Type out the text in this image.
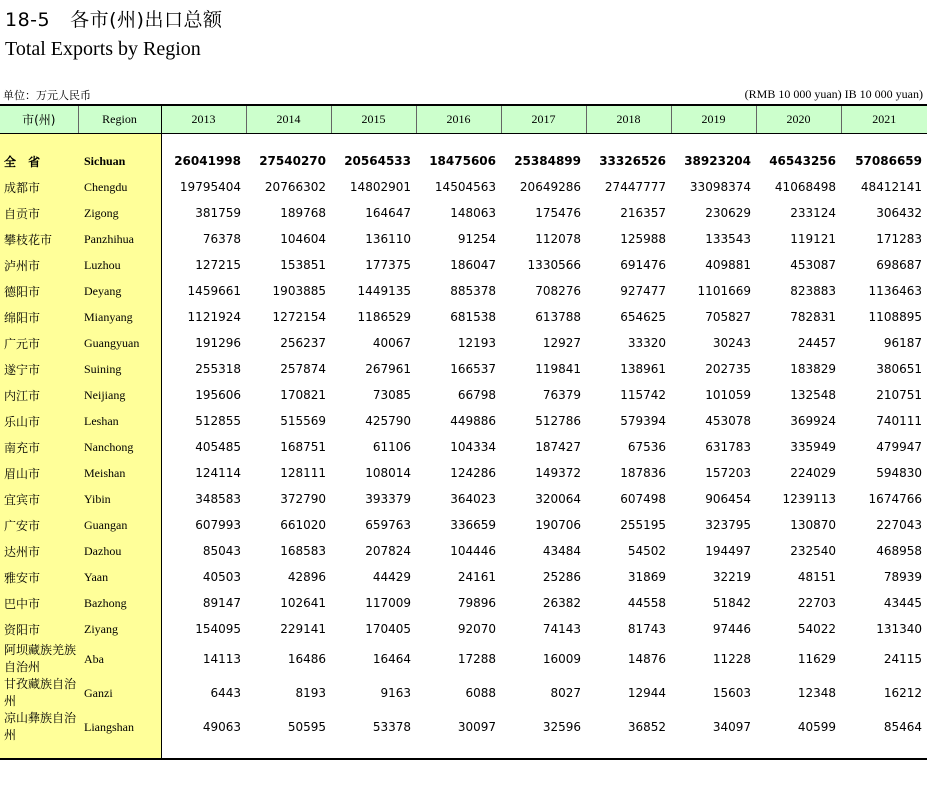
18-5 各市(州)出口总额
Total Exports by Region
单位：万元人民币	(RMB 10 000 yuan) IB 10 000 yuan)
市(州)	Region	2013	2014	2015	2016	2017	2018	2019	2020	2021

全 省	Sichuan	26041998	27540270	20564533	18475606	25384899	33326526	38923204	46543256	57086659
成都市	Chengdu	19795404	20766302	14802901	14504563	20649286	27447777	33098374	41068498	48412141
自贡市	Zigong	381759	189768	164647	148063	175476	216357	230629	233124	306432
攀枝花市	Panzhihua	76378	104604	136110	91254	112078	125988	133543	119121	171283
泸州市	Luzhou	127215	153851	177375	186047	1330566	691476	409881	453087	698687
德阳市	Deyang	1459661	1903885	1449135	885378	708276	927477	1101669	823883	1136463
绵阳市	Mianyang	1121924	1272154	1186529	681538	613788	654625	705827	782831	1108895
广元市	Guangyuan	191296	256237	40067	12193	12927	33320	30243	24457	96187
遂宁市	Suining	255318	257874	267961	166537	119841	138961	202735	183829	380651
内江市	Neijiang	195606	170821	73085	66798	76379	115742	101059	132548	210751
乐山市	Leshan	512855	515569	425790	449886	512786	579394	453078	369924	740111
南充市	Nanchong	405485	168751	61106	104334	187427	67536	631783	335949	479947
眉山市	Meishan	124114	128111	108014	124286	149372	187836	157203	224029	594830
宜宾市	Yibin	348583	372790	393379	364023	320064	607498	906454	1239113	1674766
广安市	Guangan	607993	661020	659763	336659	190706	255195	323795	130870	227043
达州市	Dazhou	85043	168583	207824	104446	43484	54502	194497	232540	468958
雅安市	Yaan	40503	42896	44429	24161	25286	31869	32219	48151	78939
巴中市	Bazhong	89147	102641	117009	79896	26382	44558	51842	22703	43445
资阳市	Ziyang	154095	229141	170405	92070	74143	81743	97446	54022	131340
阿坝藏族羌族自治州	Aba	14113	16486	16464	17288	16009	14876	11228	11629	24115
甘孜藏族自治州	Ganzi	6443	8193	9163	6088	8027	12944	15603	12348	16212
凉山彝族自治州	Liangshan	49063	50595	53378	30097	32596	36852	34097	40599	85464
